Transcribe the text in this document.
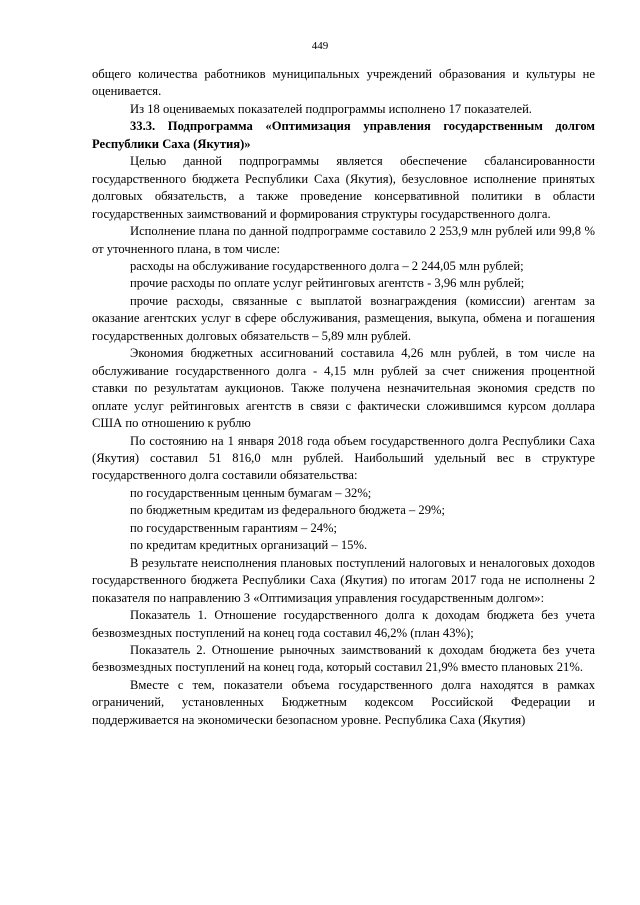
449

общего количества работников муниципальных учреждений образования и культуры не оценивается.

Из 18 оцениваемых показателей подпрограммы исполнено 17 показателей.

33.3. Подпрограмма «Оптимизация управления государственным долгом Республики Саха (Якутия)»

Целью данной подпрограммы является обеспечение сбалансированности государственного бюджета Республики Саха (Якутия), безусловное исполнение принятых долговых обязательств, а также проведение консервативной политики в области государственных заимствований и формирования структуры государственного долга.

Исполнение плана по данной подпрограмме составило 2 253,9 млн рублей или 99,8 % от уточненного плана, в том числе:

расходы на обслуживание государственного долга – 2 244,05 млн рублей;

прочие расходы по оплате услуг рейтинговых агентств - 3,96 млн рублей;

прочие расходы, связанные с выплатой вознаграждения (комиссии) агентам за оказание агентских услуг в сфере обслуживания, размещения, выкупа, обмена и погашения государственных долговых обязательств – 5,89 млн рублей.

Экономия бюджетных ассигнований составила 4,26 млн рублей, в том числе на обслуживание государственного долга - 4,15 млн рублей за счет снижения процентной ставки по результатам аукционов. Также получена незначительная экономия средств по оплате услуг рейтинговых агентств в связи с фактически сложившимся курсом доллара США по отношению к рублю

По состоянию на 1 января 2018 года объем государственного долга Республики Саха (Якутия) составил 51 816,0 млн рублей. Наибольший удельный вес в структуре государственного долга составили обязательства:

по государственным ценным бумагам – 32%;

по бюджетным кредитам из федерального бюджета – 29%;

по государственным гарантиям – 24%;

по кредитам кредитных организаций – 15%.

В результате неисполнения плановых поступлений налоговых и неналоговых доходов государственного бюджета Республики Саха (Якутия) по итогам 2017 года не исполнены 2 показателя по направлению 3 «Оптимизация управления государственным долгом»:

Показатель 1. Отношение государственного долга к доходам бюджета без учета безвозмездных поступлений на конец года составил 46,2% (план 43%);

Показатель 2. Отношение рыночных заимствований к доходам бюджета без учета безвозмездных поступлений на конец года, который составил 21,9% вместо плановых 21%.

Вместе с тем, показатели объема государственного долга находятся в рамках ограничений, установленных Бюджетным кодексом Российской Федерации и поддерживается на экономически безопасном уровне. Республика Саха (Якутия)
